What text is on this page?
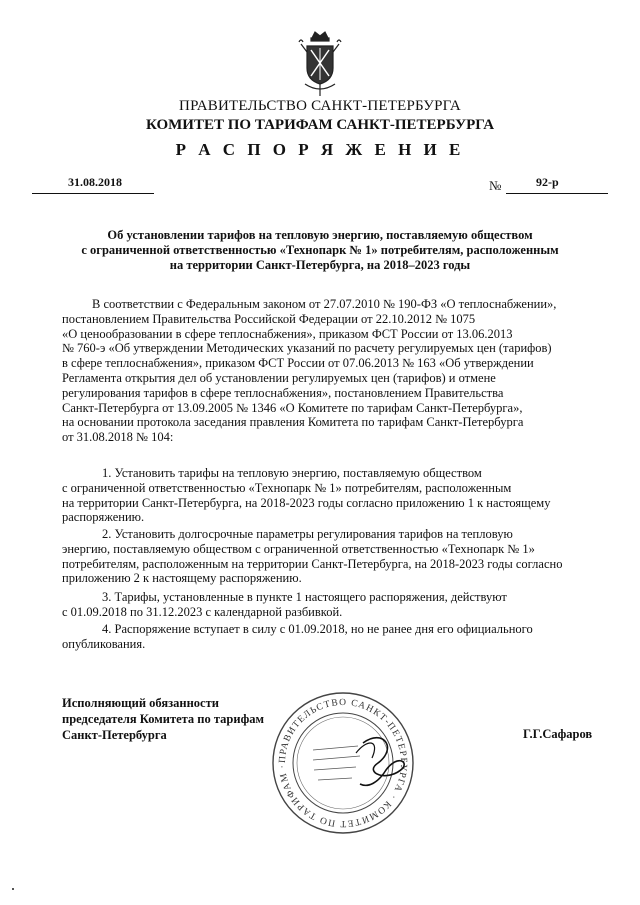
ПРАВИТЕЛЬСТВО САНКТ-ПЕТЕРБУРГА
КОМИТЕТ ПО ТАРИФАМ САНКТ-ПЕТЕРБУРГА
Р А С П О Р Я Ж Е Н И Е
31.08.2018	№	92-р
Об установлении тарифов на тепловую энергию, поставляемую обществом
с ограниченной ответственностью «Технопарк № 1» потребителям, расположенным
на территории Санкт-Петербурга, на 2018–2023 годы
В соответствии с Федеральным законом от 27.07.2010 № 190-ФЗ «О теплоснабжении»,
постановлением Правительства Российской Федерации от 22.10.2012 № 1075
«О ценообразовании в сфере теплоснабжения», приказом ФСТ России от 13.06.2013
№ 760-э «Об утверждении Методических указаний по расчету регулируемых цен (тарифов)
в сфере теплоснабжения», приказом ФСТ России от 07.06.2013 № 163 «Об утверждении
Регламента открытия дел об установлении регулируемых цен (тарифов) и отмене
регулирования тарифов в сфере теплоснабжения», постановлением Правительства
Санкт-Петербурга от 13.09.2005 № 1346 «О Комитете по тарифам Санкт-Петербурга»,
на основании протокола заседания правления Комитета по тарифам Санкт-Петербурга
от 31.08.2018 № 104:
1. Установить тарифы на тепловую энергию, поставляемую обществом
с ограниченной ответственностью «Технопарк № 1» потребителям, расположенным
на территории Санкт-Петербурга, на 2018-2023 годы согласно приложению 1 к настоящему
распоряжению.
2. Установить долгосрочные параметры регулирования тарифов на тепловую
энергию, поставляемую обществом с ограниченной ответственностью «Технопарк № 1»
потребителям, расположенным на территории Санкт-Петербурга, на 2018-2023 годы согласно
приложению 2 к настоящему распоряжению.
3. Тарифы, установленные в пункте 1 настоящего распоряжения, действуют
с 01.09.2018 по 31.12.2023 с календарной разбивкой.
4. Распоряжение вступает в силу с 01.09.2018, но не ранее дня его официального
опубликования.
Исполняющий обязанности
председателя Комитета по тарифам
Санкт-Петербурга
ПРАВИТЕЛЬСТВО САНКТ-ПЕТЕРБУРГА · КОМИТЕТ ПО ТАРИФАМ ·
Г.Г.Сафаров
